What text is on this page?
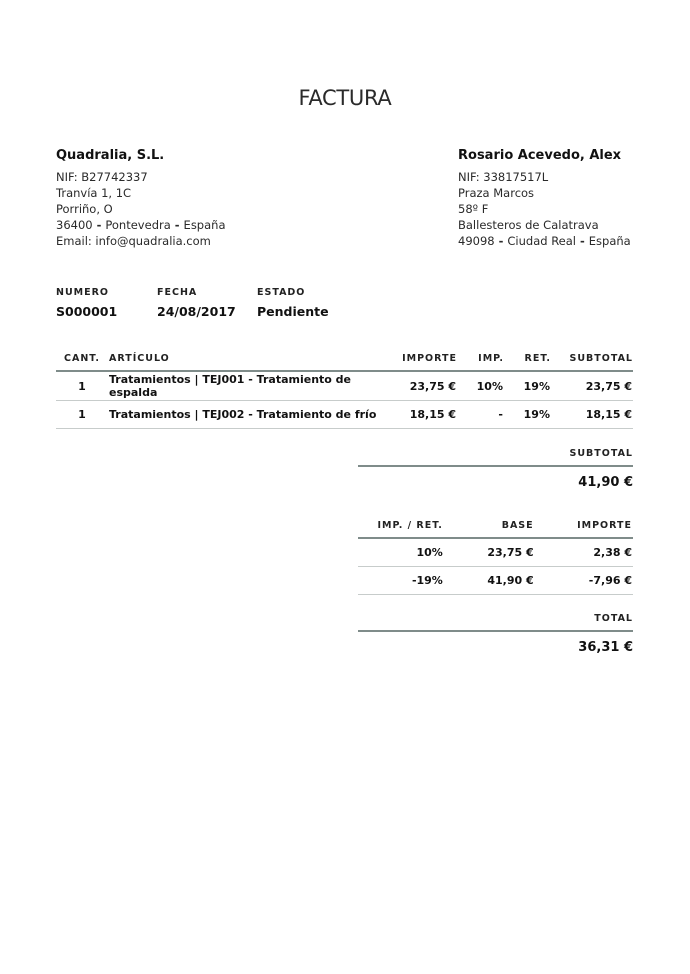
FACTURA
Quadralia, S.L.
NIF: B27742337
Tranvía 1, 1C
Porriño, O
36400 - Pontevedra - España
Email: info@quadralia.com
Rosario Acevedo, Alex
NIF: 33817517L
Praza Marcos
58º F
Ballesteros de Calatrava
49098 - Ciudad Real - España
NUMERO
S000001
FECHA
24/08/2017
ESTADO
Pendiente
CANT.	ARTÍCULO	IMPORTE	IMP.	RET.	SUBTOTAL
1	Tratamientos | TEJ001 - Tratamiento de espalda	23,75 €	10%	19%	23,75 €
1	Tratamientos | TEJ002 - Tratamiento de frío	18,15 €	-	19%	18,15 €
SUBTOTAL
41,90 €
IMP. / RET.	BASE	IMPORTE
10%	23,75 €	2,38 €
-19%	41,90 €	-7,96 €
TOTAL
36,31 €
